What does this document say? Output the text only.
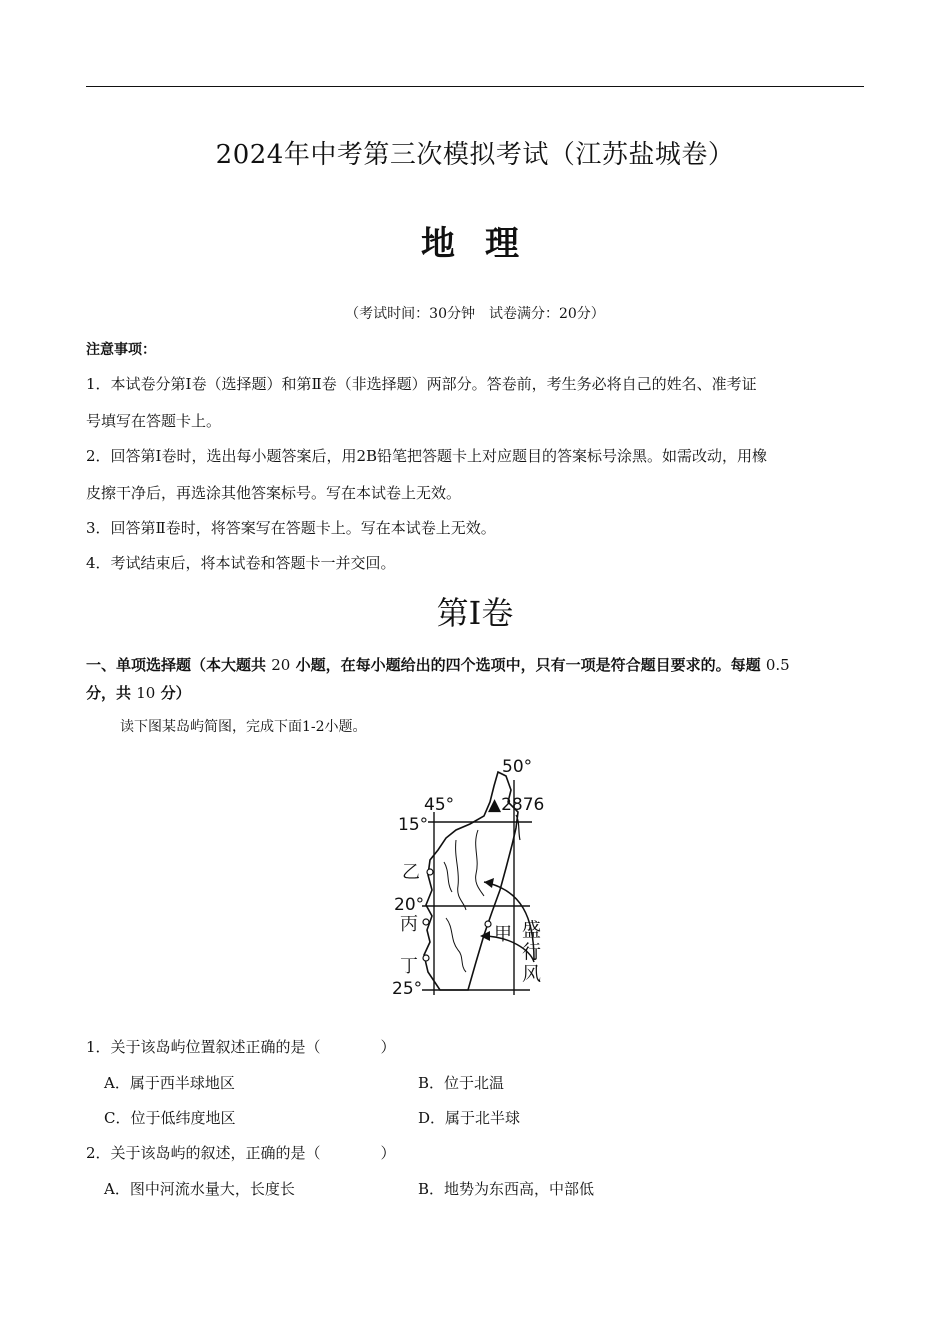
2024年中考第三次模拟考试（江苏盐城卷）
地理
（考试时间：30分钟　试卷满分：20分）
注意事项：
1．本试卷分第Ⅰ卷（选择题）和第Ⅱ卷（非选择题）两部分。答卷前，考生务必将自己的姓名、准考证
号填写在答题卡上。
2．回答第Ⅰ卷时，选出每小题答案后，用2B铅笔把答题卡上对应题目的答案标号涂黑。如需改动，用橡
皮擦干净后，再选涂其他答案标号。写在本试卷上无效。
3．回答第Ⅱ卷时，将答案写在答题卡上。写在本试卷上无效。
4．考试结束后，将本试卷和答题卡一并交回。
第Ⅰ卷
一、单项选择题（本大题共 20 小题，在每小题给出的四个选项中，只有一项是符合题目要求的。每题 0.5
分，共 10 分）
读下图某岛屿简图，完成下面1-2小题。
50°
45°
15°
20°
25°
▲2876
乙
丙
丁
甲 盛
行
风
1．关于该岛屿位置叙述正确的是（　　　　）
A．属于西半球地区	B．位于北温
C．位于低纬度地区	D．属于北半球
2．关于该岛屿的叙述，正确的是（　　　　）
A．图中河流水量大，长度长	B．地势为东西高，中部低
